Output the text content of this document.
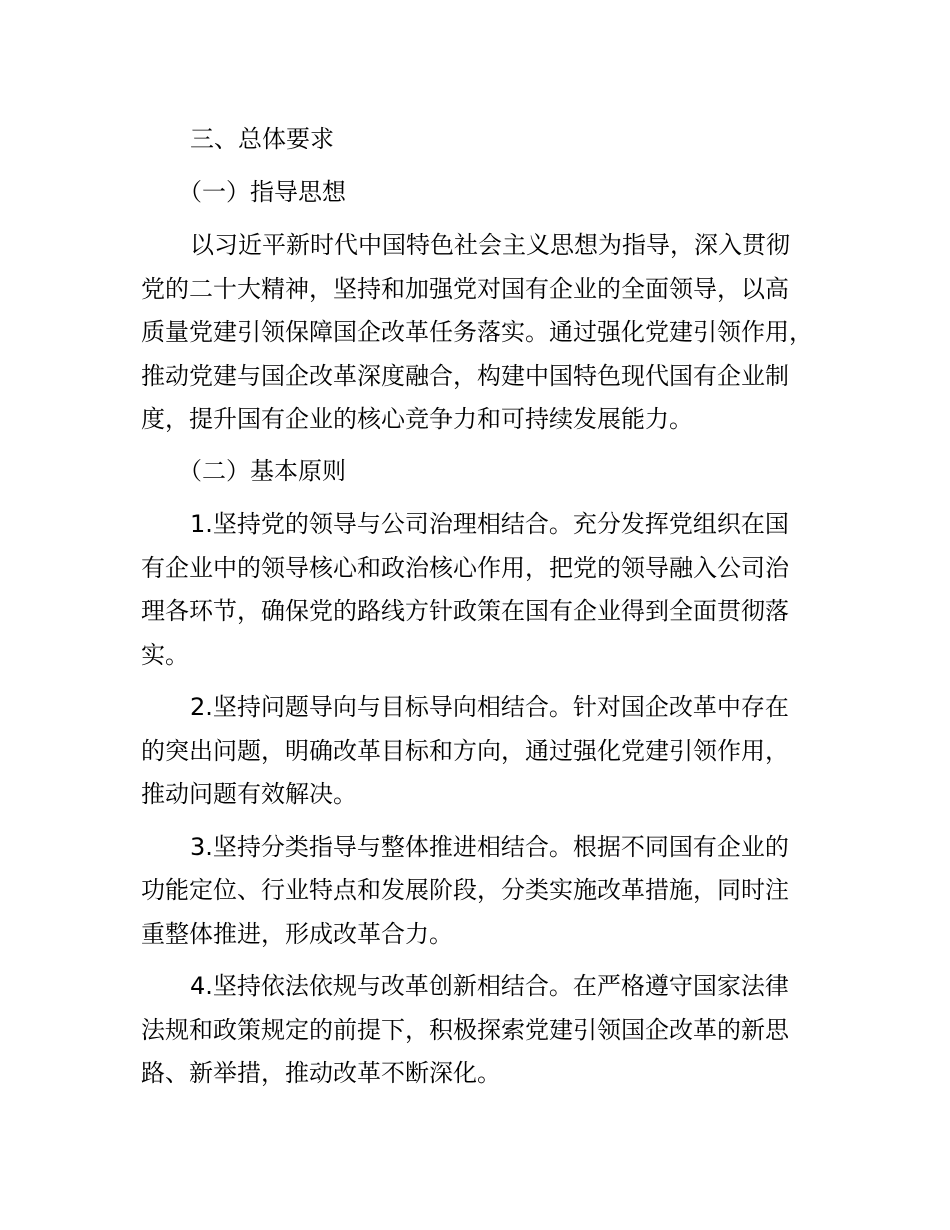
三、总体要求
（一）指导思想
以习近平新时代中国特色社会主义思想为指导，深入贯彻
党的二十大精神，坚持和加强党对国有企业的全面领导，以高
质量党建引领保障国企改革任务落实。通过强化党建引领作用，
推动党建与国企改革深度融合，构建中国特色现代国有企业制
度，提升国有企业的核心竞争力和可持续发展能力。
（二）基本原则
1.坚持党的领导与公司治理相结合。充分发挥党组织在国
有企业中的领导核心和政治核心作用，把党的领导融入公司治
理各环节，确保党的路线方针政策在国有企业得到全面贯彻落
实。
2.坚持问题导向与目标导向相结合。针对国企改革中存在
的突出问题，明确改革目标和方向，通过强化党建引领作用，
推动问题有效解决。
3.坚持分类指导与整体推进相结合。根据不同国有企业的
功能定位、行业特点和发展阶段，分类实施改革措施，同时注
重整体推进，形成改革合力。
4.坚持依法依规与改革创新相结合。在严格遵守国家法律
法规和政策规定的前提下，积极探索党建引领国企改革的新思
路、新举措，推动改革不断深化。
